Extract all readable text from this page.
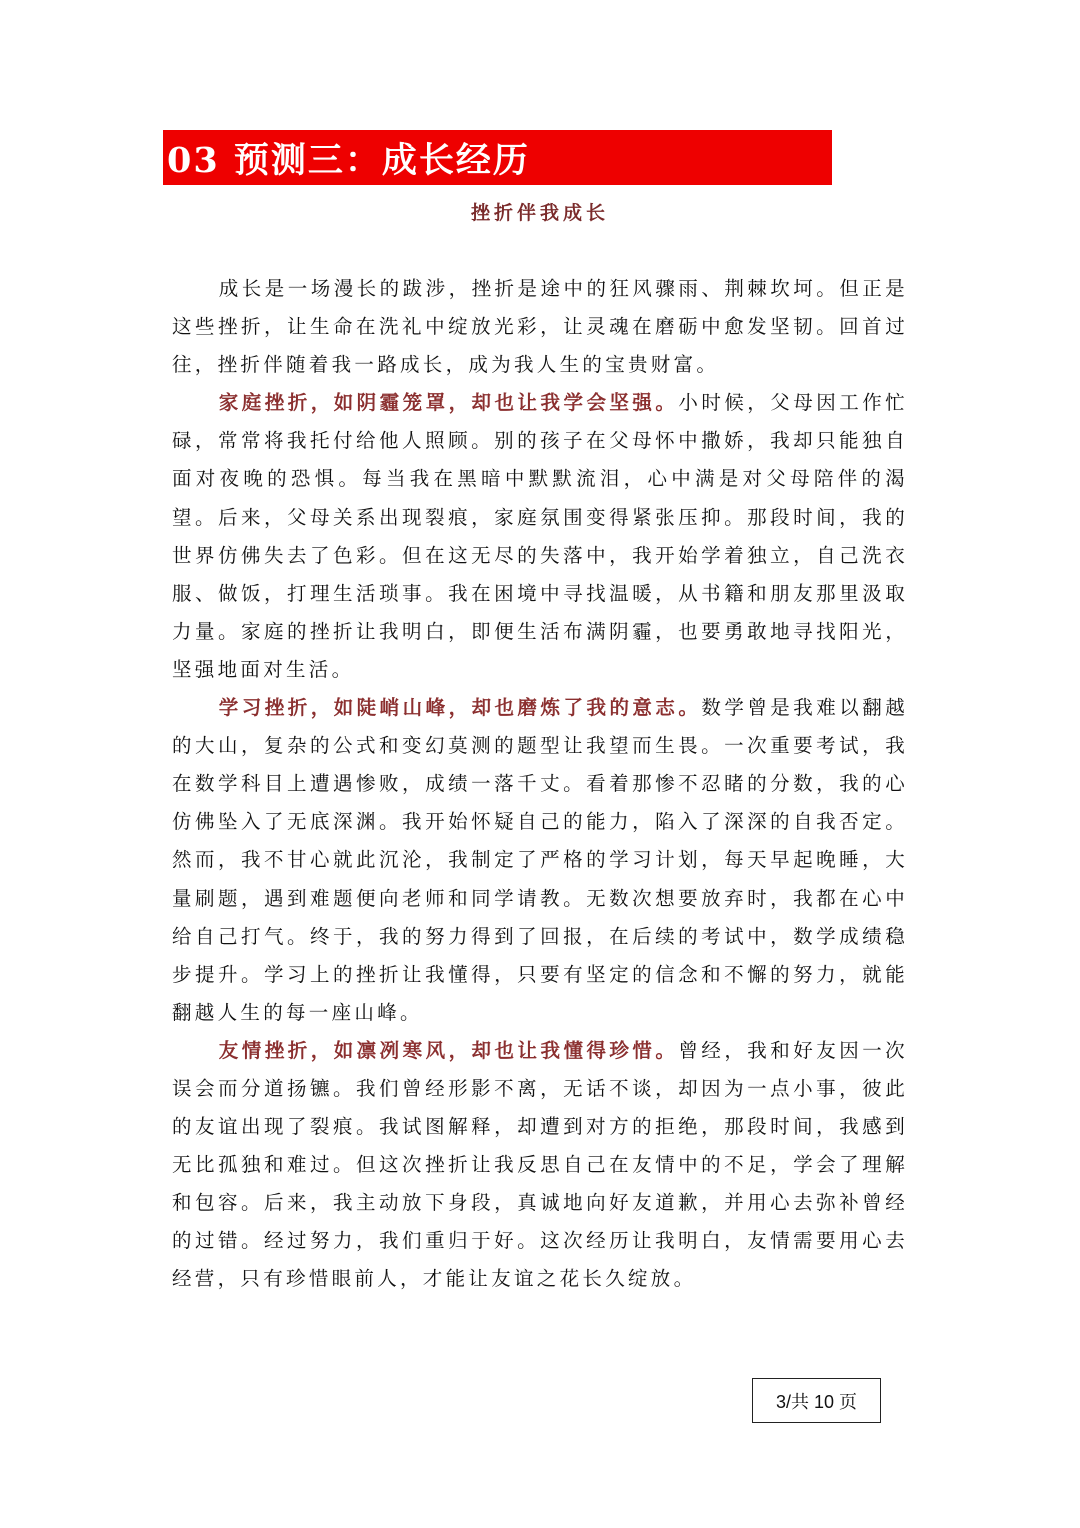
03 预测三：成长经历
挫折伴我成长

成长是一场漫长的跋涉，挫折是途中的狂风骤雨、荆棘坎坷。但正是这些挫折，让生命在洗礼中绽放光彩，让灵魂在磨砺中愈发坚韧。回首过往，挫折伴随着我一路成长，成为我人生的宝贵财富。

家庭挫折，如阴霾笼罩，却也让我学会坚强。小时候，父母因工作忙碌，常常将我托付给他人照顾。别的孩子在父母怀中撒娇，我却只能独自面对夜晚的恐惧。每当我在黑暗中默默流泪，心中满是对父母陪伴的渴望。后来，父母关系出现裂痕，家庭氛围变得紧张压抑。那段时间，我的世界仿佛失去了色彩。但在这无尽的失落中，我开始学着独立，自己洗衣服、做饭，打理生活琐事。我在困境中寻找温暖，从书籍和朋友那里汲取力量。家庭的挫折让我明白，即便生活布满阴霾，也要勇敢地寻找阳光，坚强地面对生活。

学习挫折，如陡峭山峰，却也磨炼了我的意志。数学曾是我难以翻越的大山，复杂的公式和变幻莫测的题型让我望而生畏。一次重要考试，我在数学科目上遭遇惨败，成绩一落千丈。看着那惨不忍睹的分数，我的心仿佛坠入了无底深渊。我开始怀疑自己的能力，陷入了深深的自我否定。然而，我不甘心就此沉沦，我制定了严格的学习计划，每天早起晚睡，大量刷题，遇到难题便向老师和同学请教。无数次想要放弃时，我都在心中给自己打气。终于，我的努力得到了回报，在后续的考试中，数学成绩稳步提升。学习上的挫折让我懂得，只要有坚定的信念和不懈的努力，就能翻越人生的每一座山峰。

友情挫折，如凛冽寒风，却也让我懂得珍惜。曾经，我和好友因一次误会而分道扬镳。我们曾经形影不离，无话不谈，却因为一点小事，彼此的友谊出现了裂痕。我试图解释，却遭到对方的拒绝，那段时间，我感到无比孤独和难过。但这次挫折让我反思自己在友情中的不足，学会了理解和包容。后来，我主动放下身段，真诚地向好友道歉，并用心去弥补曾经的过错。经过努力，我们重归于好。这次经历让我明白，友情需要用心去经营，只有珍惜眼前人，才能让友谊之花长久绽放。

3/共 10 页
